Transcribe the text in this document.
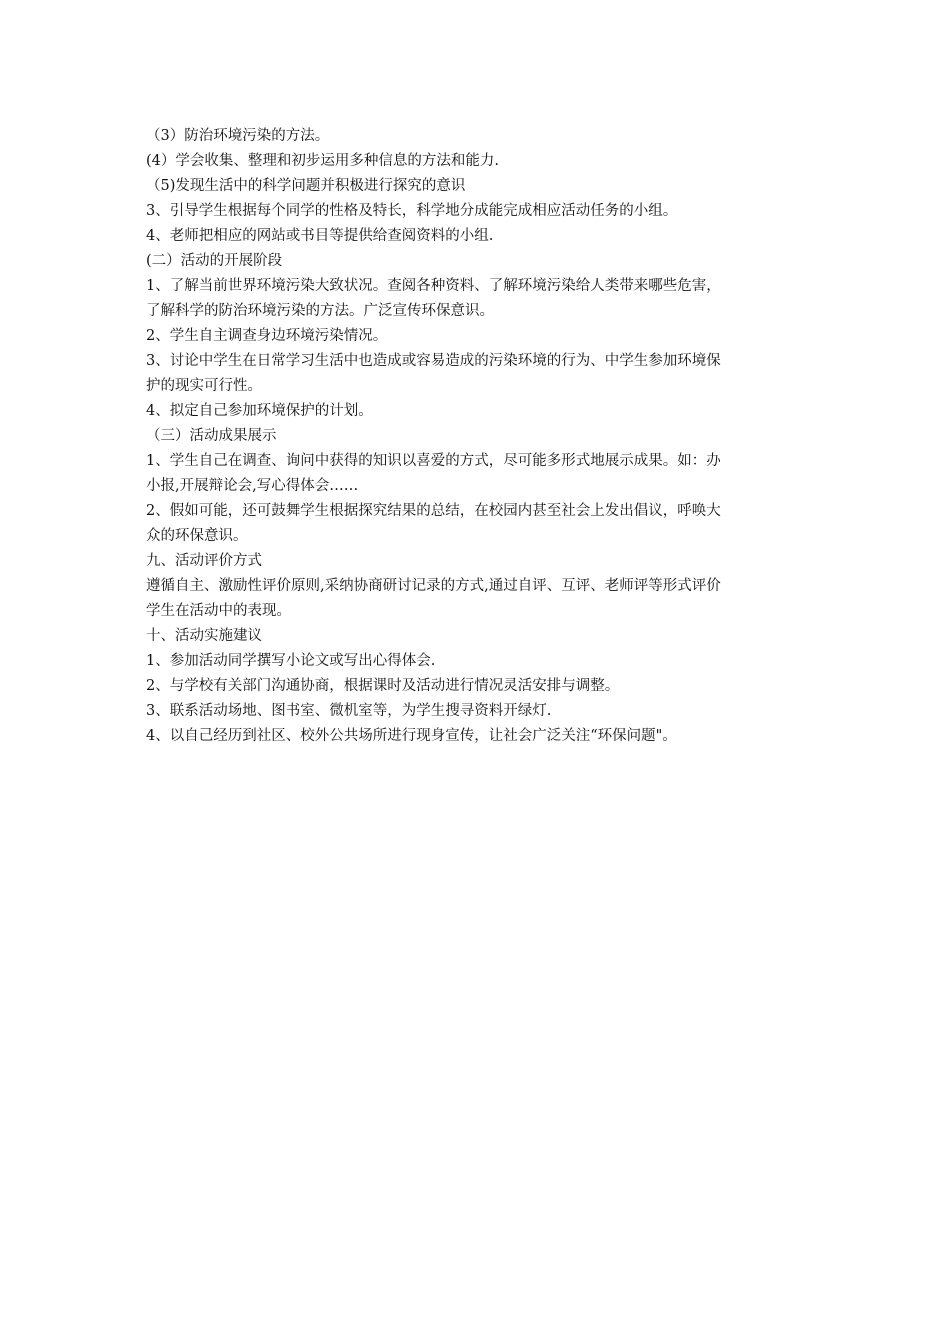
（3）防治环境污染的方法。
(4）学会收集、整理和初步运用多种信息的方法和能力.
（5)发现生活中的科学问题并积极进行探究的意识
3、引导学生根据每个同学的性格及特长，科学地分成能完成相应活动任务的小组。
4、老师把相应的网站或书目等提供给查阅资料的小组.
(二）活动的开展阶段
1、了解当前世界环境污染大致状况。查阅各种资料、了解环境污染给人类带来哪些危害，
了解科学的防治环境污染的方法。广泛宣传环保意识。
2、学生自主调查身边环境污染情况。
3、讨论中学生在日常学习生活中也造成或容易造成的污染环境的行为、中学生参加环境保
护的现实可行性。
4、拟定自己参加环境保护的计划。
（三）活动成果展示
1、学生自己在调查、询问中获得的知识以喜爱的方式，尽可能多形式地展示成果。如：办
小报,开展辩论会,写心得体会……
2、假如可能，还可鼓舞学生根据探究结果的总结，在校园内甚至社会上发出倡议，呼唤大
众的环保意识。
九、活动评价方式
遵循自主、激励性评价原则,采纳协商研讨记录的方式,通过自评、互评、老师评等形式评价
学生在活动中的表现。
十、活动实施建议
1、参加活动同学撰写小论文或写出心得体会.
2、与学校有关部门沟通协商，根据课时及活动进行情况灵活安排与调整。
3、联系活动场地、图书室、微机室等，为学生搜寻资料开绿灯.
4、以自己经历到社区、校外公共场所进行现身宣传，让社会广泛关注“环保问题"。
